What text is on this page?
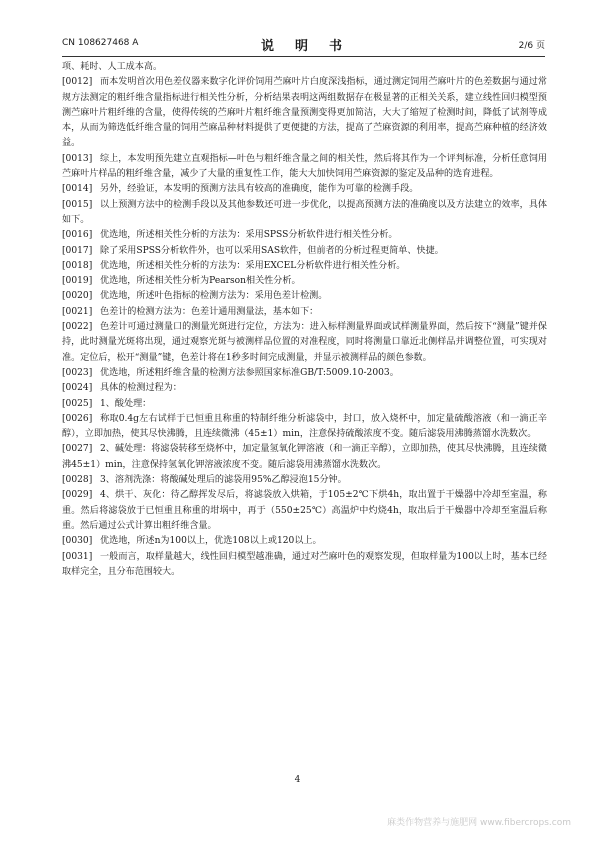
CN 108627468 A	说　明　书	2/6 页

项、耗时、人工成本高。

[0012] 而本发明首次用色差仪器来数字化评价饲用苎麻叶片白度深浅指标，通过测定饲用苎麻叶片的色差数据与通过常规方法测定的粗纤维含量指标进行相关性分析，分析结果表明这两组数据存在极显著的正相关关系，建立线性回归模型预测苎麻叶片粗纤维的含量，使得传统的苎麻叶片粗纤维含量预测变得更加简洁，大大了缩短了检测时间，降低了试剂等成本，从而为筛选低纤维含量的饲用苎麻品种材料提供了更便捷的方法，提高了苎麻资源的利用率，提高苎麻种植的经济效益。

[0013] 综上，本发明预先建立直观指标—叶色与粗纤维含量之间的相关性，然后将其作为一个评判标准，分析任意饲用苎麻叶片样品的粗纤维含量，减少了大量的重复性工作，能大大加快饲用苎麻资源的鉴定及品种的选育进程。

[0014] 另外，经验证，本发明的预测方法具有较高的准确度，能作为可靠的检测手段。

[0015] 以上预测方法中的检测手段以及其他参数还可进一步优化，以提高预测方法的准确度以及方法建立的效率，具体如下。

[0016] 优选地，所述相关性分析的方法为：采用SPSS分析软件进行相关性分析。

[0017] 除了采用SPSS分析软件外，也可以采用SAS软件，但前者的分析过程更简单、快捷。

[0018] 优选地，所述相关性分析的方法为：采用EXCEL分析软件进行相关性分析。

[0019] 优选地，所述相关性分析为Pearson相关性分析。

[0020] 优选地，所述叶色指标的检测方法为：采用色差计检测。

[0021] 色差计的检测方法为：色差计通用测量法，基本如下：

[0022] 色差计可通过测量口的测量光斑进行定位，方法为：进入标样测量界面或试样测量界面，然后按下“测量”键并保持，此时测量光斑将出现，通过观察光斑与被测样品位置的对准程度，同时将测量口靠近北侧样品并调整位置，可实现对准。定位后，松开“测量”键，色差计将在1秒多时间完成测量，并显示被测样品的颜色参数。

[0023] 优选地，所述粗纤维含量的检测方法参照国家标准GB/T:5009.10-2003。

[0024] 具体的检测过程为：

[0025] 1、酸处理：

[0026] 称取0.4g左右试样于已恒重且称重的特制纤维分析滤袋中，封口，放入烧杯中，加定量硫酸溶液（和一滴正辛醇），立即加热，使其尽快沸腾，且连续微沸（45±1）min，注意保持硫酸浓度不变。随后滤袋用沸腾蒸馏水洗数次。

[0027] 2、碱处理：将滤袋转移至烧杯中，加定量氢氧化钾溶液（和一滴正辛醇），立即加热，使其尽快沸腾，且连续微沸45±1）min，注意保持氢氧化钾溶液浓度不变。随后滤袋用沸蒸馏水洗数次。

[0028] 3、溶剂洗涤：将酸碱处理后的滤袋用95%乙醇浸泡15分钟。

[0029] 4、烘干、灰化：待乙醇挥发尽后，将滤袋放入烘箱，于105±2℃下烘4h，取出置于干燥器中冷却至室温，称重。然后将滤袋放于已恒重且称重的坩埚中，再于（550±25℃）高温炉中灼烧4h，取出后于干燥器中冷却至室温后称重。然后通过公式计算出粗纤维含量。

[0030] 优选地，所述n为100以上，优选108以上或120以上。

[0031] 一般而言，取样量越大，线性回归模型越准确，通过对苎麻叶色的观察发现，但取样量为100以上时，基本已经取样完全，且分布范围较大。

4
麻类作物营养与施肥网 www.fibercrops.com
